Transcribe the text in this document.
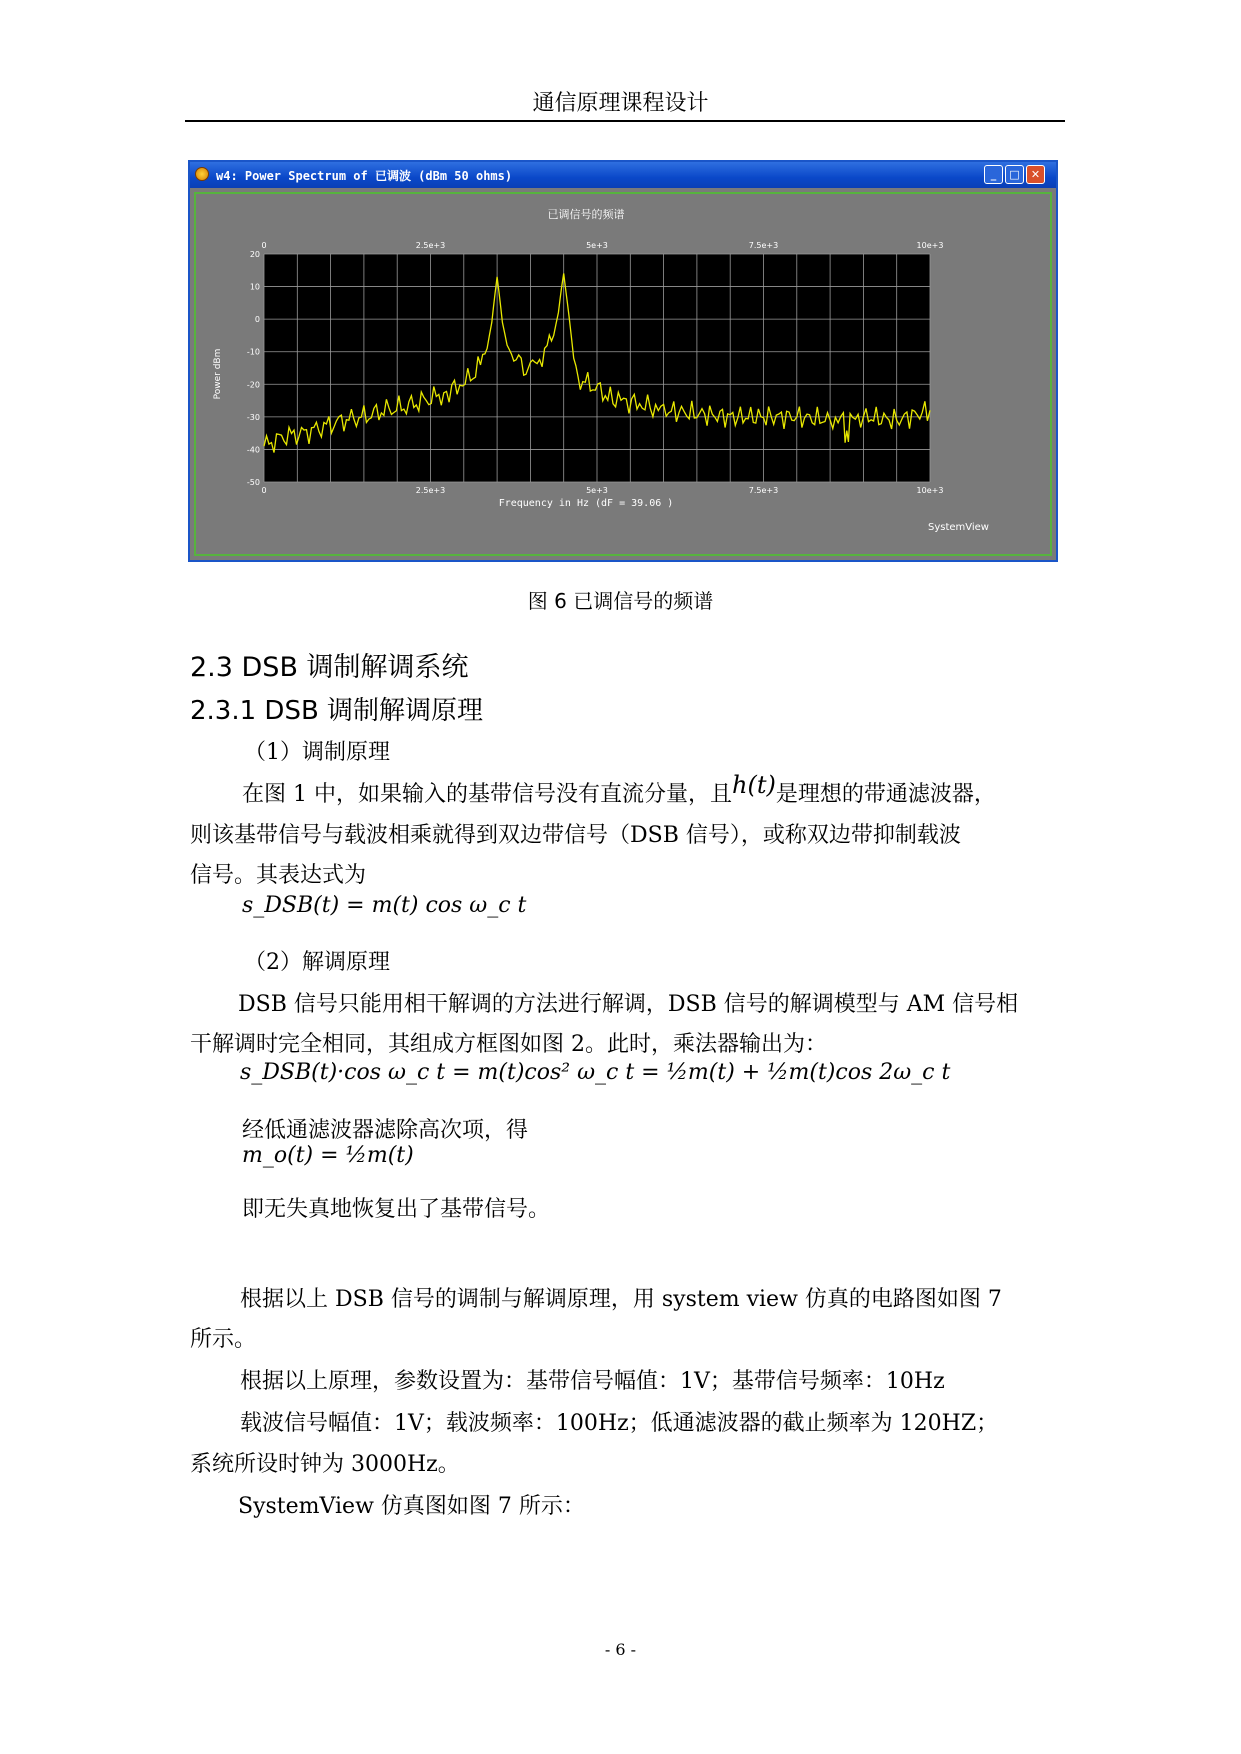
通信原理课程设计
w4: Power Spectrum of 已调波 (dBm 50 ohms)	_	□	✕
20
10
0
-10
-20
-30
-40
-50
0
0
2.5e+3
2.5e+3
5e+3
5e+3
7.5e+3
7.5e+3
10e+3
10e+3
已调信号的频谱
Frequency in Hz (dF = 39.06 )
Power dBm
SystemView
图 6 已调信号的频谱
2.3 DSB 调制解调系统
2.3.1 DSB 调制解调原理
（1）调制原理
在图 1 中，如果输入的基带信号没有直流分量，且h(t)是理想的带通滤波器，
则该基带信号与载波相乘就得到双边带信号（DSB 信号），或称双边带抑制载波
信号。其表达式为
s_DSB(t) = m(t) cos ω_c t
（2）解调原理
DSB 信号只能用相干解调的方法进行解调，DSB 信号的解调模型与 AM 信号相
干解调时完全相同，其组成方框图如图 2。此时，乘法器输出为：
s_DSB(t)·cos ω_c t = m(t)cos² ω_c t = ½m(t) + ½m(t)cos 2ω_c t
经低通滤波器滤除高次项，得
m_o(t) = ½m(t)
即无失真地恢复出了基带信号。
根据以上 DSB 信号的调制与解调原理，用 system view 仿真的电路图如图 7
所示。
根据以上原理，参数设置为：基带信号幅值：1V；基带信号频率：10Hz
载波信号幅值：1V；载波频率：100Hz；低通滤波器的截止频率为 120HZ；
系统所设时钟为 3000Hz。
SystemView 仿真图如图 7 所示：
- 6 -
